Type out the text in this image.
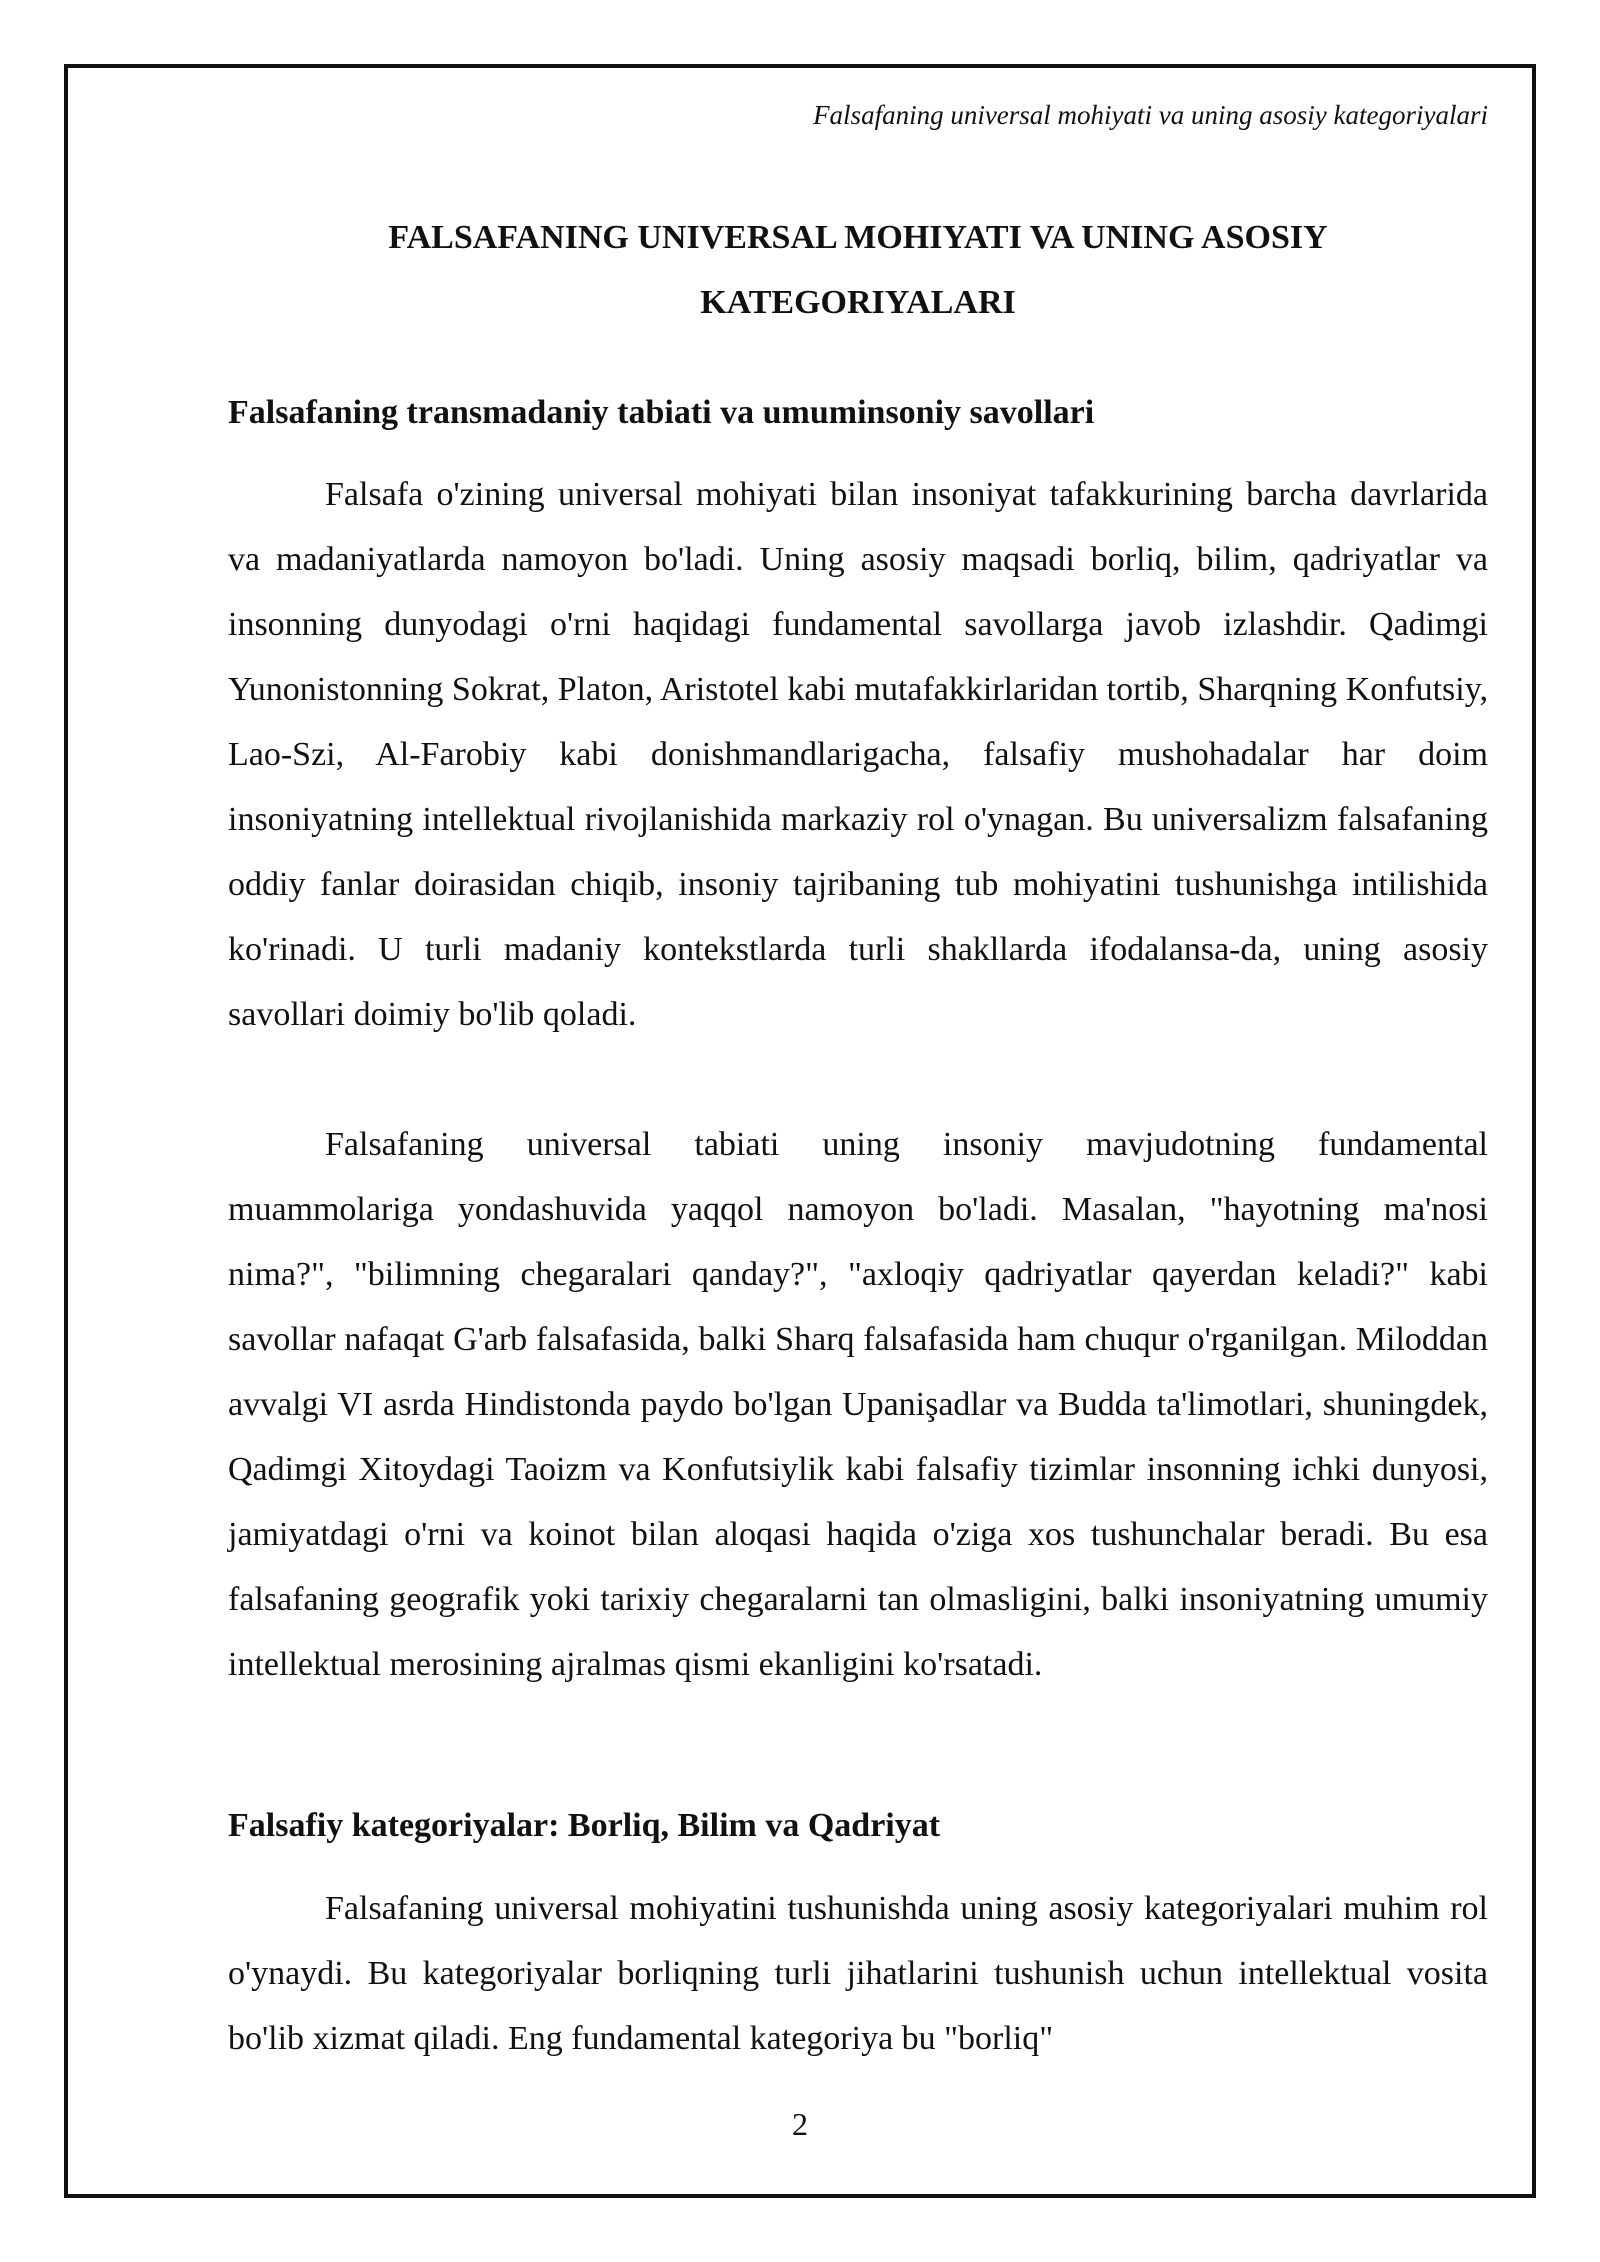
Falsafaning universal mohiyati va uning asosiy kategoriyalari
FALSAFANING UNIVERSAL MOHIYATI VA UNING ASOSIY KATEGORIYALARI
Falsafaning transmadaniy tabiati va umuminsoniy savollari

Falsafa o'zining universal mohiyati bilan insoniyat tafakkurining barcha davrlarida va madaniyatlarda namoyon bo'ladi. Uning asosiy maqsadi borliq, bilim, qadriyatlar va insonning dunyodagi o'rni haqidagi fundamental savollarga javob izlashdir. Qadimgi Yunonistonning Sokrat, Platon, Aristotel kabi mutafakkirlaridan tortib, Sharqning Konfutsiy, Lao-Szi, Al-Farobiy kabi donishmandlarigacha, falsafiy mushohadalar har doim insoniyatning intellektual rivojlanishida markaziy rol o'ynagan. Bu universalizm falsafaning oddiy fanlar doirasidan chiqib, insoniy tajribaning tub mohiyatini tushunishga intilishida ko'rinadi. U turli madaniy kontekstlarda turli shakllarda ifodalansa-da, uning asosiy savollari doimiy bo'lib qoladi.

Falsafaning universal tabiati uning insoniy mavjudotning fundamental muammolariga yondashuvida yaqqol namoyon bo'ladi. Masalan, "hayotning ma'nosi nima?", "bilimning chegaralari qanday?", "axloqiy qadriyatlar qayerdan keladi?" kabi savollar nafaqat G'arb falsafasida, balki Sharq falsafasida ham chuqur o'rganilgan. Miloddan avvalgi VI asrda Hindistonda paydo bo'lgan Upanişadlar va Budda ta'limotlari, shuningdek, Qadimgi Xitoydagi Taoizm va Konfutsiylik kabi falsafiy tizimlar insonning ichki dunyosi, jamiyatdagi o'rni va koinot bilan aloqasi haqida o'ziga xos tushunchalar beradi. Bu esa falsafaning geografik yoki tarixiy chegaralarni tan olmasligini, balki insoniyatning umumiy intellektual merosining ajralmas qismi ekanligini ko'rsatadi.

Falsafiy kategoriyalar: Borliq, Bilim va Qadriyat

Falsafaning universal mohiyatini tushunishda uning asosiy kategoriyalari muhim rol o'ynaydi. Bu kategoriyalar borliqning turli jihatlarini tushunish uchun intellektual vosita bo'lib xizmat qiladi. Eng fundamental kategoriya bu "borliq"

2
